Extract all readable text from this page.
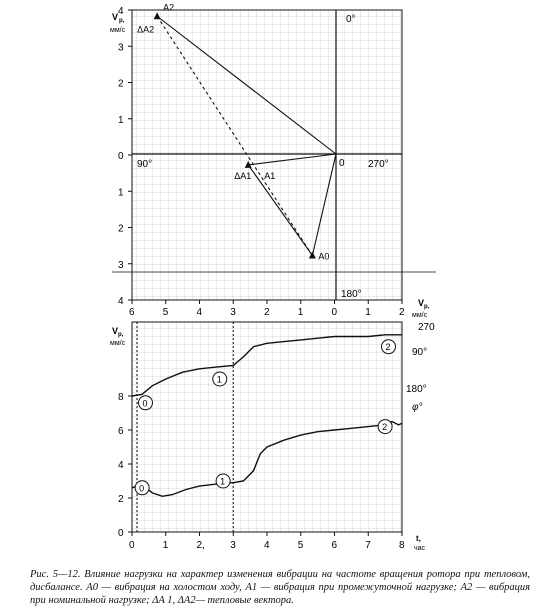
V p,
мм/с
4
3
2
1
0
1
2
3
4
6	5	4	3	2	1	0	1	2
0°
90°	270°
180°
0
$V_{p,}$
мм/с
A0
A1
A2
ΔA1
ΔA2
$V_{p,}$
мм/с
270
90°
180°
φ°
t,
час
0
2
4
6
8
0	1	2,	3	4	5	6	7	8
0
1
2
0
1
2
Рис. 5—12. Влияние нагрузки на характер изменения вибрации на частоте вращения ротора при тепловом, дисбалансе. A0 — вибрация на холостом ходу, A1 — вибрация при промежуточной нагрузке; A2 — вибрация при номинальной нагрузке; ΔA 1, ΔA2— тепловые вектора.
